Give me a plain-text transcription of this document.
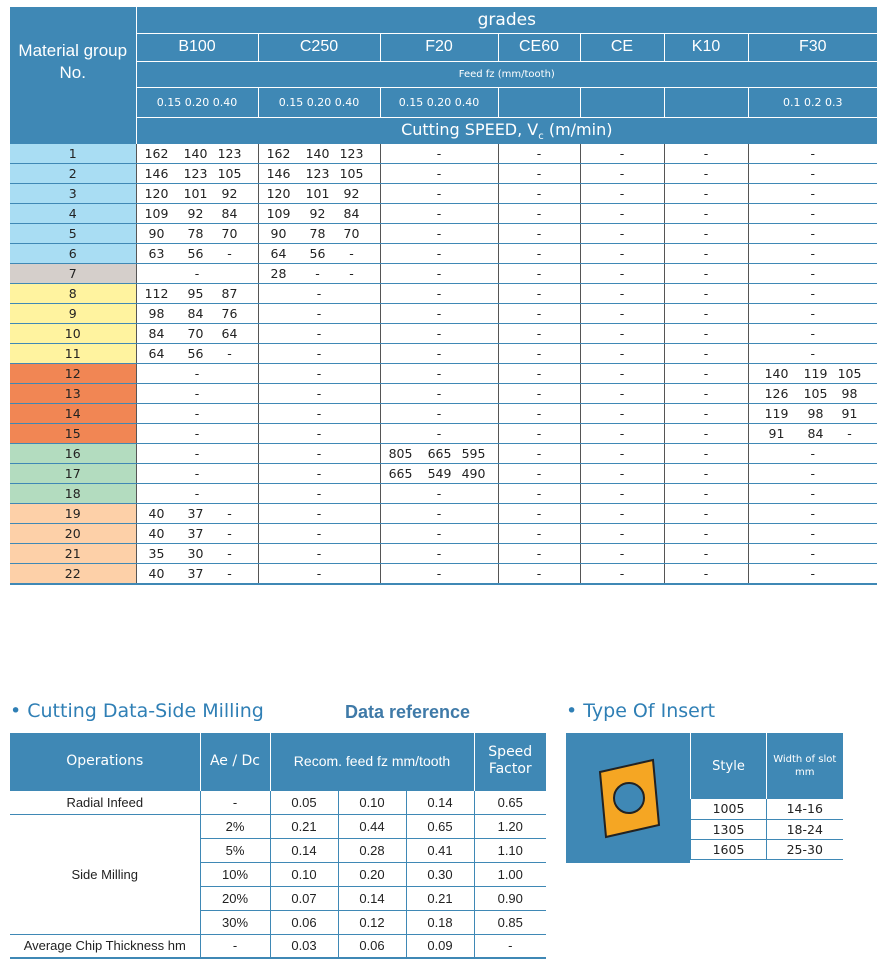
Material group No.	grades						
	B100	C250	F20	CE60	CE	K10	F30
	Feed fz (mm/tooth)						
	0.15 0.20 0.40	0.15 0.20 0.40	0.15 0.20 0.40				0.1 0.2 0.3
	Cutting SPEED, $V_c$ (m/min)						
1	162 140 123	162 140 123	-	-	-	-	-
2	146 123 105	146 123 105	-	-	-	-	-
3	120 101 92	120 101 92	-	-	-	-	-
4	109 92 84	109 92 84	-	-	-	-	-
5	90 78 70	90 78 70	-	-	-	-	-
6	63 56 -	64 56 -	-	-	-	-	-
7	-	28 - -	-	-	-	-	-
8	112 95 87	-	-	-	-	-	-
9	98 84 76	-	-	-	-	-	-
10	84 70 64	-	-	-	-	-	-
11	64 56 -	-	-	-	-	-	-
12	-	-	-	-	-	-	140 119 105
13	-	-	-	-	-	-	126 105 98
14	-	-	-	-	-	-	119 98 91
15	-	-	-	-	-	-	91 84 -
16	-	-	805 665 595	-	-	-	-
17	-	-	665 549 490	-	-	-	-
18	-	-	-	-	-	-	-
19	40 37 -	-	-	-	-	-	-
20	40 37 -	-	-	-	-	-	-
21	35 30 -	-	-	-	-	-	-
22	40 37 -	-	-	-	-	-	-
• Cutting Data-Side Milling	Data reference	• Type Of Insert
Operations	Ae / Dc	Recom. feed fz mm/tooth			Speed Factor
Radial Infeed	-	0.05	0.10	0.14	0.65
Side Milling	2%	0.21	0.44	0.65	1.20
	5%	0.14	0.28	0.41	1.10
	10%	0.10	0.20	0.30	1.00
	20%	0.07	0.14	0.21	0.90
	30%	0.06	0.12	0.18	0.85
Average Chip Thickness hm	-	0.03	0.06	0.09	-
Style	Width of slot mm
1005	14-16
1305	18-24
1605	25-30
